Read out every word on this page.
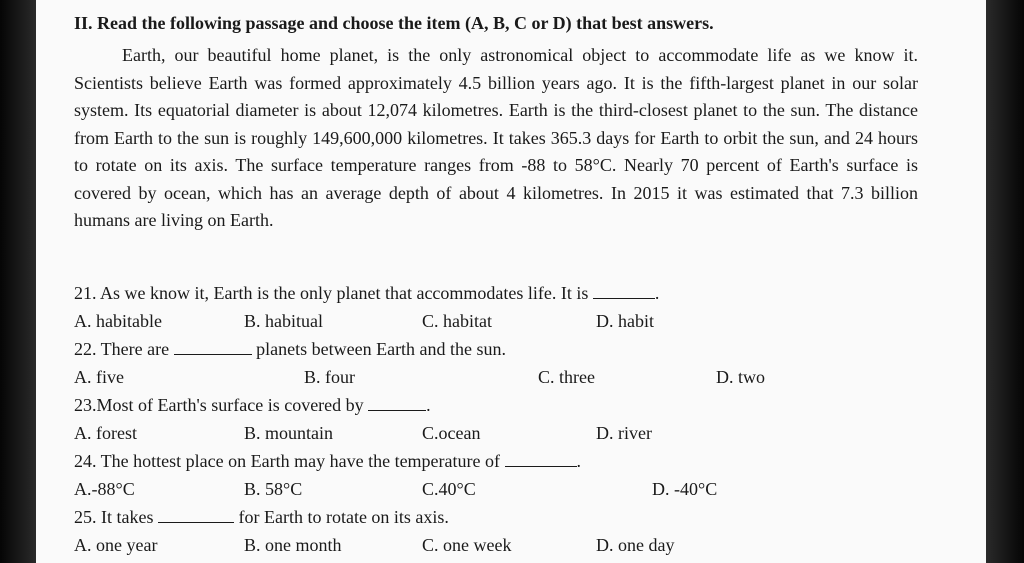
II. Read the following passage and choose the item (A, B, C or D) that best answers.

Earth, our beautiful home planet, is the only astronomical object to accommodate life as we know it. Scientists believe Earth was formed approximately 4.5 billion years ago. It is the fifth-largest planet in our solar system. Its equatorial diameter is about 12,074 kilometres. Earth is the third-closest planet to the sun. The distance from Earth to the sun is roughly 149,600,000 kilometres. It takes 365.3 days for Earth to orbit the sun, and 24 hours to rotate on its axis. The surface temperature ranges from -88 to 58°C. Nearly 70 percent of Earth's surface is covered by ocean, which has an average depth of about 4 kilometres. In 2015 it was estimated that 7.3 billion humans are living on Earth.

21. As we know it, Earth is the only planet that accommodates life. It is	.
A. habitable	B. habitual	C. habitat	D. habit
22. There are	planets between Earth and the sun.
A. five	B. four	C. three	D. two
23.Most of Earth's surface is covered by	.
A. forest	B. mountain	C.ocean	D. river
24. The hottest place on Earth may have the temperature of	.
A.-88°C	B. 58°C	C.40°C	D. -40°C
25. It takes	for Earth to rotate on its axis.
A. one year	B. one month	C. one week	D. one day
